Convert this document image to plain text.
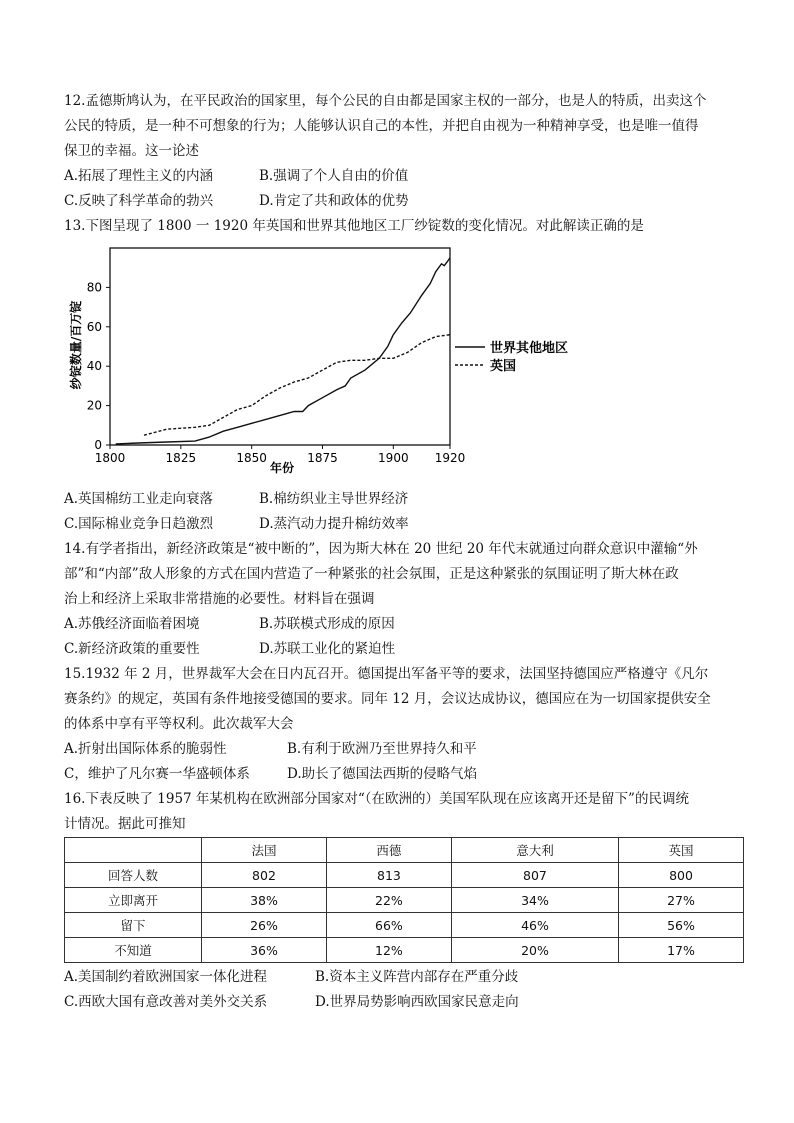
12.孟德斯鸠认为，在平民政治的国家里，每个公民的自由都是国家主权的一部分，也是人的特质，出卖这个
公民的特质，是一种不可想象的行为；人能够认识自己的本性，并把自由视为一种精神享受，也是唯一值得
保卫的幸福。这一论述
A.拓展了理性主义的内涵	B.强调了个人自由的价值
C.反映了科学革命的勃兴	D.肯定了共和政体的优势
13.下图呈现了 1800 一 1920 年英国和世界其他地区工厂纱锭数的变化情况。对此解读正确的是
1800	1825	1850	1875	1900 1920
0
20
40
60
80
世界其他地区
英国
纱锭数量/百万锭
年份
A.英国棉纺工业走向衰落	B.棉纺织业主导世界经济
C.国际棉业竞争日趋激烈	D.蒸汽动力提升棉纺效率
14.有学者指出，新经济政策是“被中断的”，因为斯大林在 20 世纪 20 年代末就通过向群众意识中灌输“外
部”和“内部”敌人形象的方式在国内营造了一种紧张的社会氛围，正是这种紧张的氛围证明了斯大林在政
治上和经济上采取非常措施的必要性。材料旨在强调
A.苏俄经济面临着困境	B.苏联模式形成的原因
C.新经济政策的重要性	D.苏联工业化的紧迫性
15.1932 年 2 月，世界裁军大会在日内瓦召开。德国提出军备平等的要求，法国坚持德国应严格遵守《凡尔
赛条约》的规定，英国有条件地接受德国的要求。同年 12 月，会议达成协议，德国应在为一切国家提供安全
的体系中享有平等权利。此次裁军大会
A.折射出国际体系的脆弱性	B.有利于欧洲乃至世界持久和平
C，维护了凡尔赛一华盛顿体系	D.助长了德国法西斯的侵略气焰
16.下表反映了 1957 年某机构在欧洲部分国家对“（在欧洲的）美国军队现在应该离开还是留下”的民调统
计情况。据此可推知
	法国	西德	意大利	英国
回答人数	802	813	807	800
立即离开	38%	22%	34%	27%
留下	26%	66%	46%	56%
不知道	36%	12%	20%	17%
A.美国制约着欧洲国家一体化进程	B.资本主义阵营内部存在严重分歧
C.西欧大国有意改善对美外交关系	D.世界局势影响西欧国家民意走向
